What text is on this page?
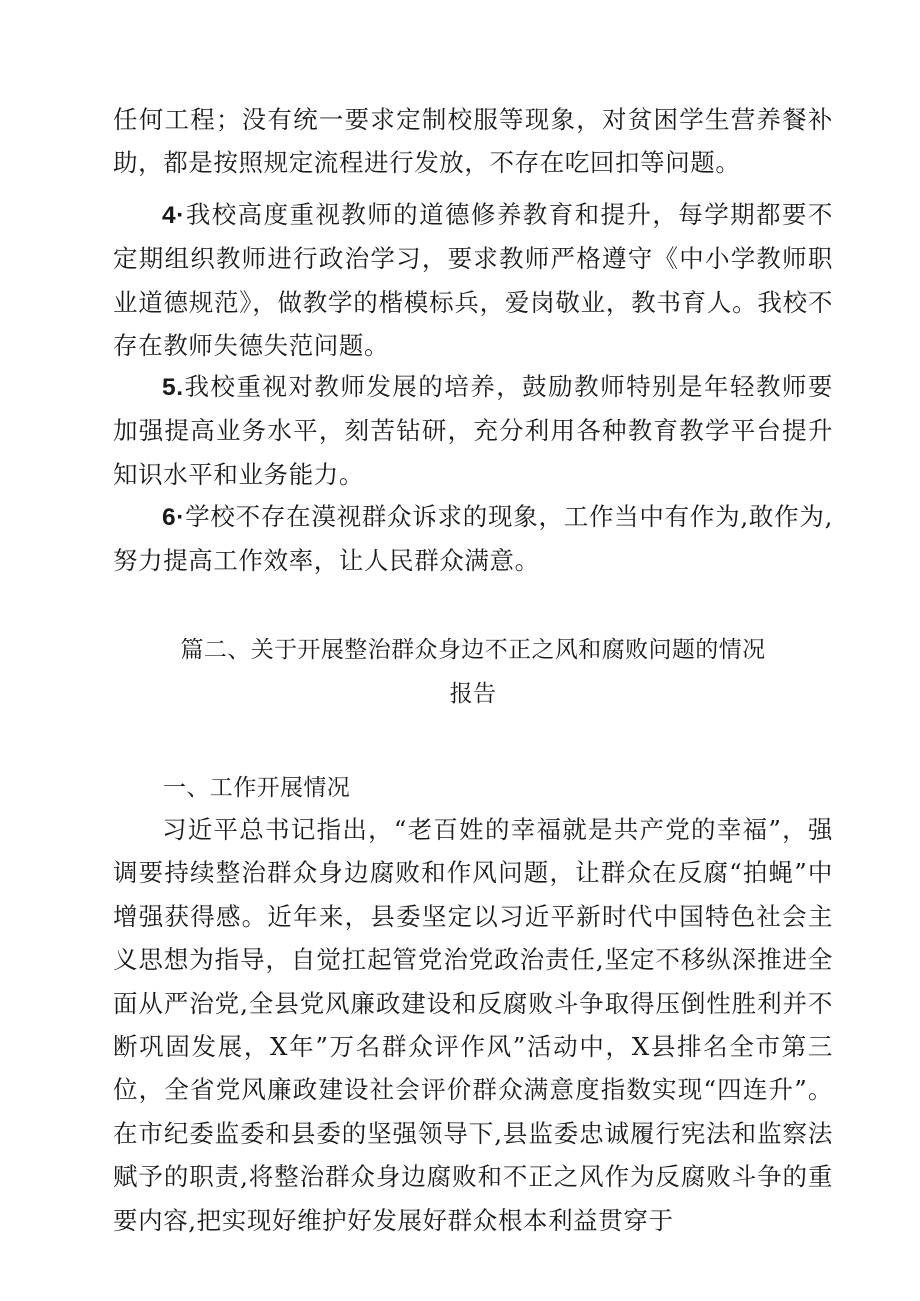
任何工程；没有统一要求定制校服等现象，对贫困学生营养餐补助，都是按照规定流程进行发放，不存在吃回扣等问题。

4·我校高度重视教师的道德修养教育和提升，每学期都要不定期组织教师进行政治学习，要求教师严格遵守《中小学教师职业道德规范》，做教学的楷模标兵，爱岗敬业，教书育人。我校不存在教师失德失范问题。

5.我校重视对教师发展的培养，鼓励教师特别是年轻教师要加强提高业务水平，刻苦钻研，充分利用各种教育教学平台提升知识水平和业务能力。

6·学校不存在漠视群众诉求的现象，工作当中有作为,敢作为,努力提高工作效率，让人民群众满意。

篇二、关于开展整治群众身边不正之风和腐败问题的情况

报告

一、工作开展情况

习近平总书记指出，“老百姓的幸福就是共产党的幸福”，强调要持续整治群众身边腐败和作风问题，让群众在反腐“拍蝇”中增强获得感。近年来，县委坚定以习近平新时代中国特色社会主义思想为指导，自觉扛起管党治党政治责任,坚定不移纵深推进全面从严治党,全县党风廉政建设和反腐败斗争取得压倒性胜利并不断巩固发展，X年”万名群众评作风”活动中，X县排名全市第三位，全省党风廉政建设社会评价群众满意度指数实现“四连升”。在市纪委监委和县委的坚强领导下,县监委忠诚履行宪法和监察法赋予的职责,将整治群众身边腐败和不正之风作为反腐败斗争的重要内容,把实现好维护好发展好群众根本利益贯穿于
